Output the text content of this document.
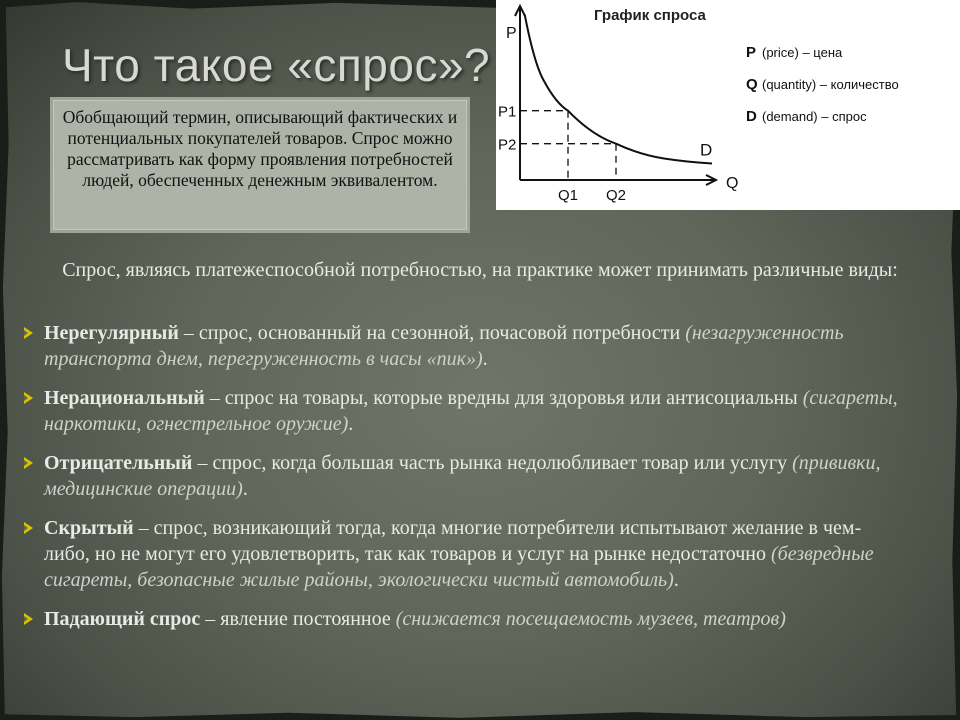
Что такое «спрос»?
Обобщающий термин, описывающий фактических и потенциальных покупателей товаров. Спрос можно рассматривать как форму проявления потребностей людей, обеспеченных денежным эквивалентом.
График спроса
P
Q
D
P1
Q1
P2
Q2
P (price) – цена
Q (quantity) – количество
D (demand) – спрос
Спрос, являясь платежеспособной потребностью, на практике может принимать различные виды:
Нерегулярный – спрос, основанный на сезонной, почасовой потребности (незагруженность транспорта днем, перегруженность в часы «пик»).
Нерациональный – спрос на товары, которые вредны для здоровья или антисоциальны (сигареты, наркотики, огнестрельное оружие).
Отрицательный – спрос, когда большая часть рынка недолюбливает товар или услугу (прививки, медицинские операции).
Скрытый – спрос, возникающий тогда, когда многие потребители испытывают желание в чем-либо, но не могут его удовлетворить, так как товаров и услуг на рынке недостаточно (безвредные сигареты, безопасные жилые районы, экологически чистый автомобиль).
Падающий спрос – явление постоянное (снижается посещаемость музеев, театров)
